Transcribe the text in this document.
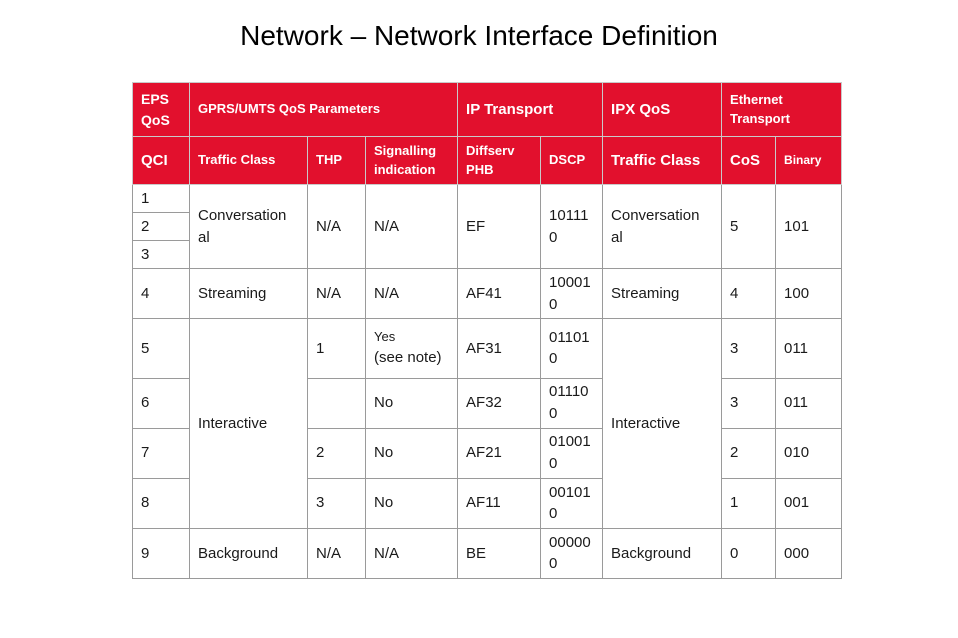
Network – Network Interface Definition
EPS QoS	GPRS/UMTS QoS Parameters			IP Transport		IPX QoS	Ethernet Transport	
QCI	Traffic Class	THP	Signalling indication	Diffserv PHB	DSCP	Traffic Class	CoS	Binary
1	Conversation al	N/A	N/A	EF	10111 0	Conversation al	5	101
2								
3								
4	Streaming	N/A	N/A	AF41	10001 0	Streaming	4	100
5	Interactive	1	Yes
(see note)	AF31	01101 0	Interactive	3	011
6			No	AF32	01110 0		3	011
7		2	No	AF21	01001 0		2	010
8		3	No	AF11	00101 0		1	001
9	Background	N/A	N/A	BE	00000 0	Background	0	000
